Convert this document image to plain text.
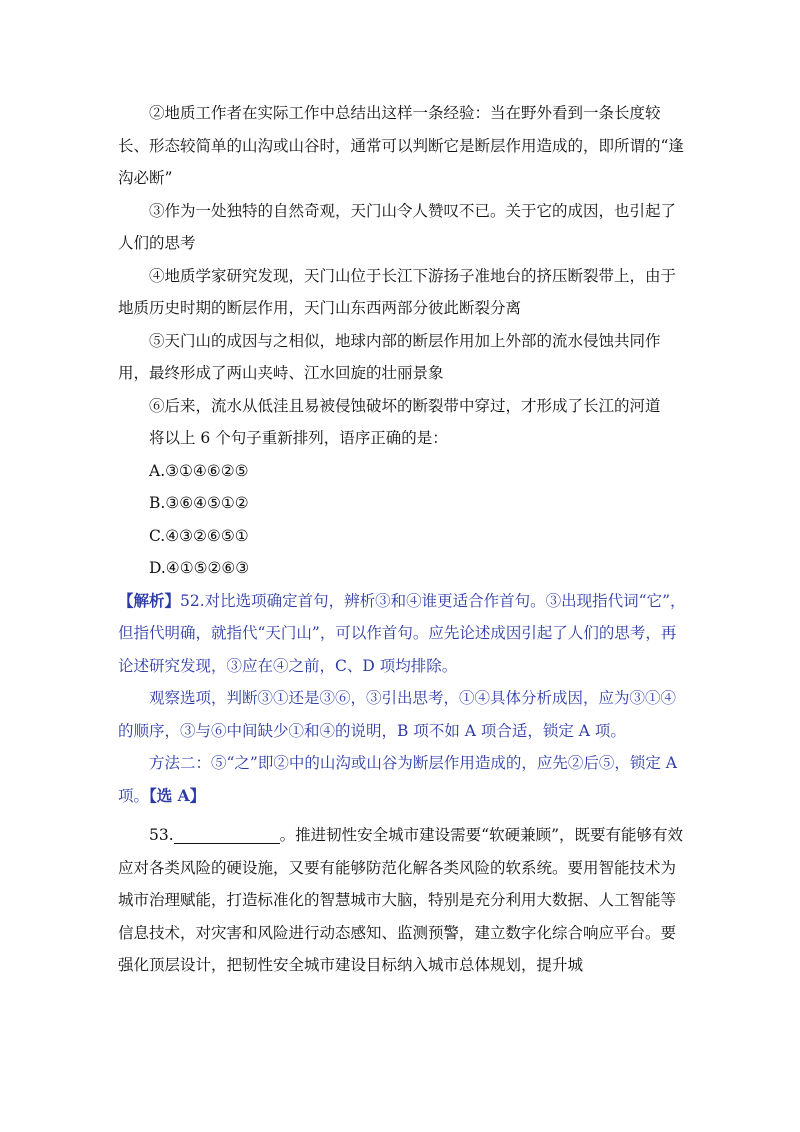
②地质工作者在实际工作中总结出这样一条经验：当在野外看到一条长度较长、形态较简单的山沟或山谷时，通常可以判断它是断层作用造成的，即所谓的“逢沟必断”

③作为一处独特的自然奇观，天门山令人赞叹不已。关于它的成因，也引起了人们的思考

④地质学家研究发现，天门山位于长江下游扬子准地台的挤压断裂带上，由于地质历史时期的断层作用，天门山东西两部分彼此断裂分离

⑤天门山的成因与之相似，地球内部的断层作用加上外部的流水侵蚀共同作用，最终形成了两山夹峙、江水回旋的壮丽景象

⑥后来，流水从低洼且易被侵蚀破坏的断裂带中穿过，才形成了长江的河道

将以上 6 个句子重新排列，语序正确的是：

A.③①④⑥②⑤

B.③⑥④⑤①②

C.④③②⑥⑤①

D.④①⑤②⑥③

【解析】52.对比选项确定首句，辨析③和④谁更适合作首句。③出现指代词“它”，但指代明确，就指代“天门山”，可以作首句。应先论述成因引起了人们的思考，再论述研究发现，③应在④之前，C、D 项均排除。

观察选项，判断③①还是③⑥，③引出思考，①④具体分析成因，应为③①④的顺序，③与⑥中间缺少①和④的说明，B 项不如 A 项合适，锁定 A 项。

方法二：⑤“之”即②中的山沟或山谷为断层作用造成的，应先②后⑤，锁定 A 项。【选 A】

53.	。推进韧性安全城市建设需要“软硬兼顾”，既要有能够有效应对各类风险的硬设施，又要有能够防范化解各类风险的软系统。要用智能技术为城市治理赋能，打造标准化的智慧城市大脑，特别是充分利用大数据、人工智能等信息技术，对灾害和风险进行动态感知、监测预警，建立数字化综合响应平台。要强化顶层设计，把韧性安全城市建设目标纳入城市总体规划，提升城
